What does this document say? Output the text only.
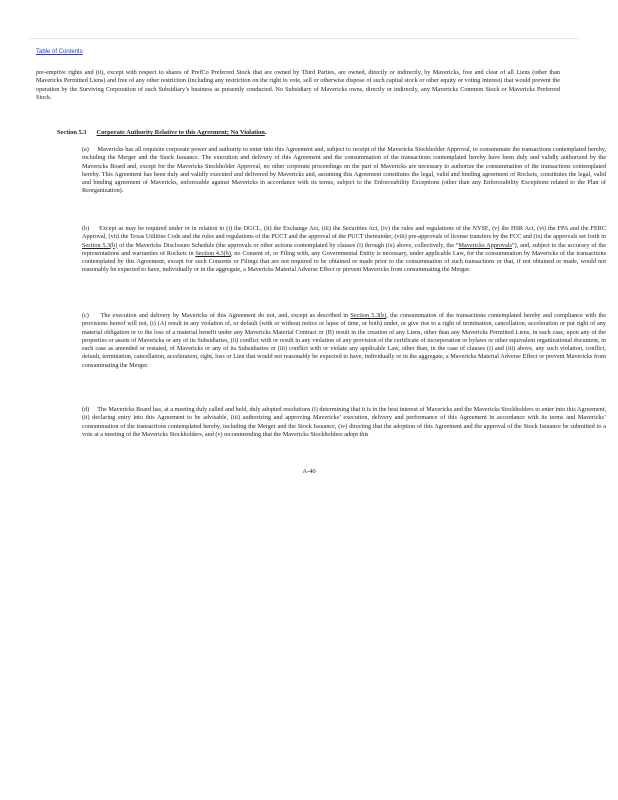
Table of Contents
pre-emptive rights and (ii), except with respect to shares of PrefCo Preferred Stock that are owned by Third Parties, are owned, directly or indirectly, by Mavericks, free and clear of all Liens (other than Mavericks Permitted Liens) and free of any other restriction (including any restriction on the right to vote, sell or otherwise dispose of such capital stock or other equity or voting interest) that would prevent the operation by the Surviving Corporation of such Subsidiary’s business as presently conducted. No Subsidiary of Mavericks owns, directly or indirectly, any Mavericks Common Stock or Mavericks Preferred Stock.
Section 5.3 Corporate Authority Relative to this Agreement; No Violation.
(a) Mavericks has all requisite corporate power and authority to enter into this Agreement and, subject to receipt of the Mavericks Stockholder Approval, to consummate the transactions contemplated hereby, including the Merger and the Stock Issuance. The execution and delivery of this Agreement and the consummation of the transactions contemplated hereby have been duly and validly authorized by the Mavericks Board and, except for the Mavericks Stockholder Approval, no other corporate proceedings on the part of Mavericks are necessary to authorize the consummation of the transactions contemplated hereby. This Agreement has been duly and validly executed and delivered by Mavericks and, assuming this Agreement constitutes the legal, valid and binding agreement of Rockets, constitutes the legal, valid and binding agreement of Mavericks, enforceable against Mavericks in accordance with its terms, subject to the Enforceability Exceptions (other than any Enforceability Exceptions related to the Plan of Reorganization).
(b) Except as may be required under or in relation to (i) the DGCL, (ii) the Exchange Act, (iii) the Securities Act, (iv) the rules and regulations of the NYSE, (v) the HSR Act, (vi) the FPA and the FERC Approval, (vii) the Texas Utilities Code and the rules and regulations of the PUCT and the approval of the PUCT thereunder, (viii) pre-approvals of license transfers by the FCC and (ix) the approvals set forth in Section 5.3(b) of the Mavericks Disclosure Schedule (the approvals or other actions contemplated by clauses (i) through (ix) above, collectively, the “Mavericks Approvals”), and, subject to the accuracy of the representations and warranties of Rockets in Section 4.3(b), no Consent of, or Filing with, any Governmental Entity is necessary, under applicable Law, for the consummation by Mavericks of the transactions contemplated by this Agreement, except for such Consents or Filings that are not required to be obtained or made prior to the consummation of such transactions or that, if not obtained or made, would not reasonably be expected to have, individually or in the aggregate, a Mavericks Material Adverse Effect or prevent Mavericks from consummating the Merger.
(c) The execution and delivery by Mavericks of this Agreement do not, and, except as described in Section 5.3(b), the consummation of the transactions contemplated hereby and compliance with the provisions hereof will not, (i) (A) result in any violation of, or default (with or without notice or lapse of time, or both) under, or give rise to a right of termination, cancellation, acceleration or put right of any material obligation or to the loss of a material benefit under any Mavericks Material Contract or (B) result in the creation of any Liens, other than any Mavericks Permitted Liens, in each case, upon any of the properties or assets of Mavericks or any of its Subsidiaries, (ii) conflict with or result in any violation of any provision of the certificate of incorporation or bylaws or other equivalent organizational document, in each case as amended or restated, of Mavericks or any of its Subsidiaries or (iii) conflict with or violate any applicable Law, other than, in the case of clauses (i) and (iii) above, any such violation, conflict, default, termination, cancellation, acceleration, right, loss or Lien that would not reasonably be expected to have, individually or in the aggregate, a Mavericks Material Adverse Effect or prevent Mavericks from consummating the Merger.
(d) The Mavericks Board has, at a meeting duly called and held, duly adopted resolutions (i) determining that it is in the best interest of Mavericks and the Mavericks Stockholders to enter into this Agreement, (ii) declaring entry into this Agreement to be advisable, (iii) authorizing and approving Mavericks’ execution, delivery and performance of this Agreement in accordance with its terms and Mavericks’ consummation of the transactions contemplated hereby, including the Merger and the Stock Issuance, (iv) directing that the adoption of this Agreement and the approval of the Stock Issuance be submitted to a vote at a meeting of the Mavericks Stockholders, and (v) recommending that the Mavericks Stockholders adopt this
A-40
